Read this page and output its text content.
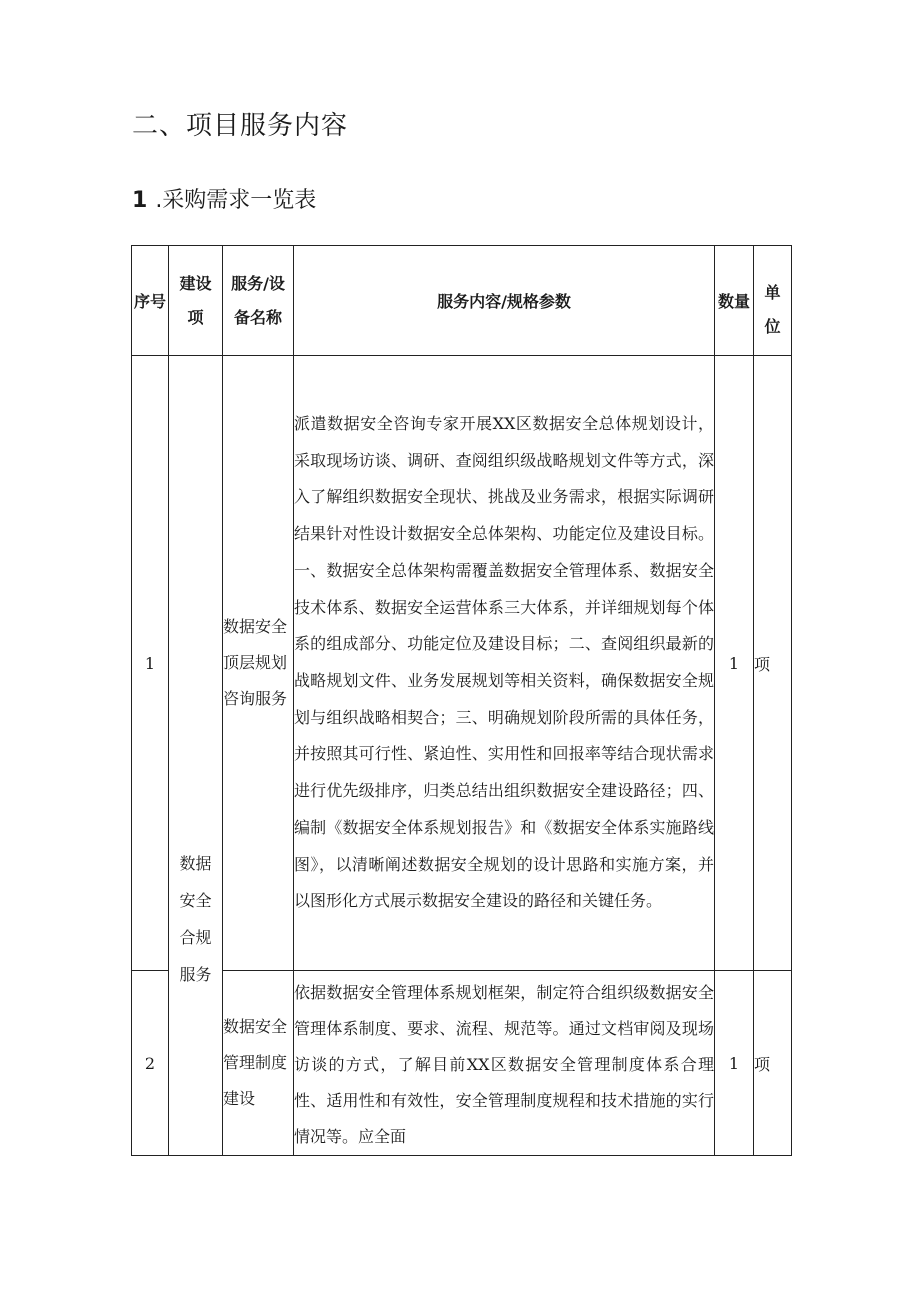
二、项目服务内容
1 .采购需求一览表
序号	建设项	服务/设备名称	服务内容/规格参数	数量	单位
1	数据安全合规服务	数据安全顶层规划咨询服务	派遣数据安全咨询专家开展XX区数据安全总体规划设计，采取现场访谈、调研、查阅组织级战略规划文件等方式，深入了解组织数据安全现状、挑战及业务需求，根据实际调研结果针对性设计数据安全总体架构、功能定位及建设目标。一、数据安全总体架构需覆盖数据安全管理体系、数据安全技术体系、数据安全运营体系三大体系，并详细规划每个体系的组成部分、功能定位及建设目标；二、查阅组织最新的战略规划文件、业务发展规划等相关资料，确保数据安全规划与组织战略相契合；三、明确规划阶段所需的具体任务，并按照其可行性、紧迫性、实用性和回报率等结合现状需求进行优先级排序，归类总结出组织数据安全建设路径；四、编制《数据安全体系规划报告》和《数据安全体系实施路线图》，以清晰阐述数据安全规划的设计思路和实施方案，并以图形化方式展示数据安全建设的路径和关键任务。	1	项
2		数据安全管理制度建设	依据数据安全管理体系规划框架，制定符合组织级数据安全管理体系制度、要求、流程、规范等。通过文档审阅及现场访谈的方式，了解目前XX区数据安全管理制度体系合理性、适用性和有效性，安全管理制度规程和技术措施的实行情况等。应全面	1	项
